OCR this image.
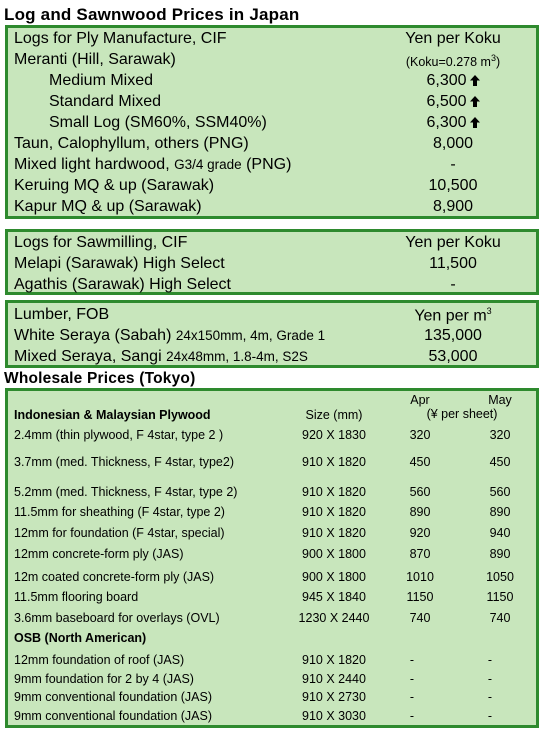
Log and Sawnwood Prices in Japan
Logs for Ply Manufacture, CIF	Yen per Koku
Meranti (Hill, Sarawak)	(Koku=0.278 $m^3$)
Medium Mixed	6,300
Standard Mixed	6,500
Small Log (SM60%, SSM40%)	6,300
Taun, Calophyllum, others (PNG)	8,000
Mixed light hardwood, G3/4 grade (PNG)	-
Keruing MQ & up (Sarawak)	10,500
Kapur MQ & up (Sarawak)	8,900
Logs for Sawmilling, CIF	Yen per Koku
Melapi (Sarawak) High Select	11,500
Agathis (Sarawak) High Select	-
Lumber, FOB	Yen per $m^3$
White Seraya (Sabah) 24x150mm, 4m, Grade 1	135,000
Mixed Seraya, Sangi 24x48mm, 1.8-4m, S2S	53,000
Wholesale Prices (Tokyo)
Apr	May
(¥ per sheet)
Indonesian & Malaysian Plywood	Size (mm)
2.4mm (thin plywood, F 4star, type 2 )	920 X 1830	320	320
3.7mm (med. Thickness, F 4star, type2)	910 X 1820	450	450
5.2mm (med. Thickness, F 4star, type 2)	910 X 1820	560	560
11.5mm for sheathing (F 4star, type 2)	910 X 1820	890	890
12mm for foundation (F 4star, special)	910 X 1820	920	940
12mm concrete-form ply (JAS)	900 X 1800	870	890
12m coated concrete-form ply (JAS)	900 X 1800	1010	1050
11.5mm flooring board	945 X 1840	1150	1150
3.6mm baseboard for overlays (OVL)	1230 X 2440	740	740
OSB (North American)
12mm foundation of roof (JAS)	910 X 1820	-	-
9mm foundation for 2 by 4 (JAS)	910 X 2440	-	-
9mm conventional foundation (JAS)	910 X 2730	-	-
9mm conventional foundation (JAS)	910 X 3030	-	-
